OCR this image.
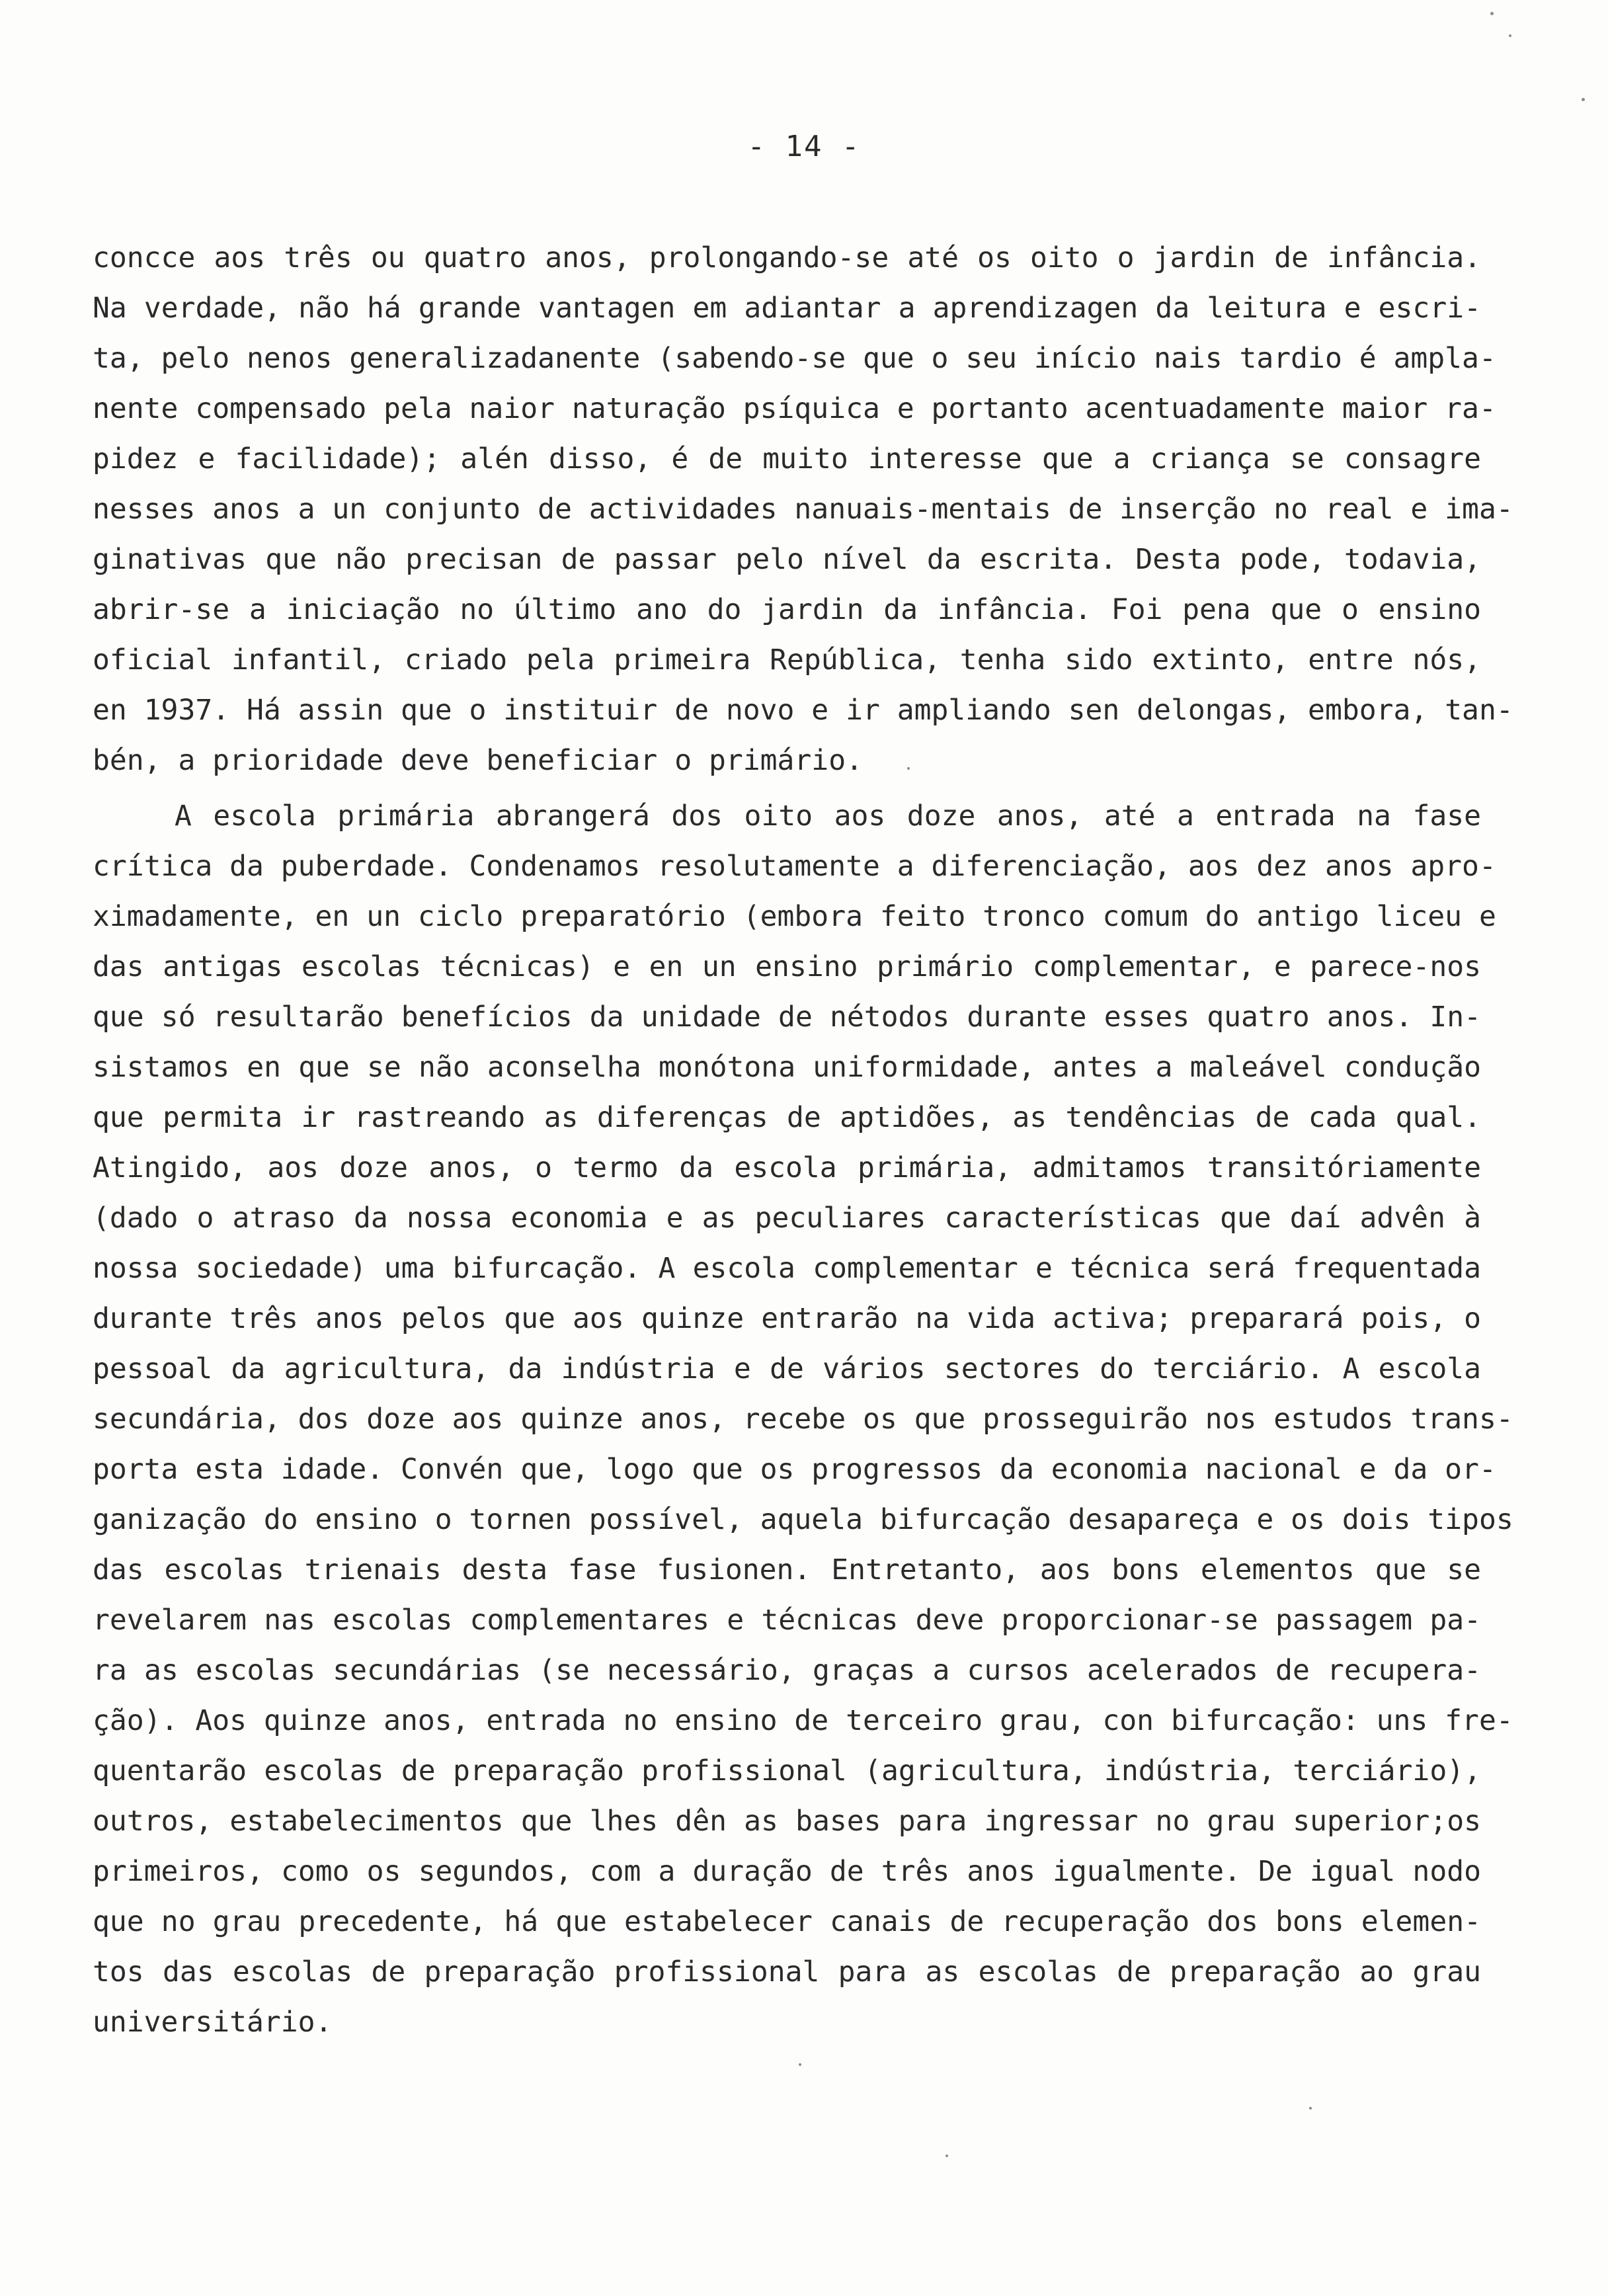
- 14 -
concce aos três ou quatro anos, prolongando-se até os oito o jardin de infância.
Na verdade, não há grande vantagen em adiantar a aprendizagen da leitura e escri-
ta, pelo nenos generalizadanente (sabendo-se que o seu início nais tardio é ampla-
nente compensado pela naior naturação psíquica e portanto acentuadamente maior ra-
pidez e facilidade); alén disso, é de muito interesse que a criança se consagre
nesses anos a un conjunto de actividades nanuais-mentais de inserção no real e ima-
ginativas que não precisan de passar pelo nível da escrita. Desta pode, todavia,
abrir-se a iniciação no último ano do jardin da infância. Foi pena que o ensino
oficial infantil, criado pela primeira República, tenha sido extinto, entre nós,
en 1937. Há assin que o instituir de novo e ir ampliando sen delongas, embora, tan-
bén, a prioridade deve beneficiar o primário.
A escola primária abrangerá dos oito aos doze anos, até a entrada na fase
crítica da puberdade. Condenamos resolutamente a diferenciação, aos dez anos apro-
ximadamente, en un ciclo preparatório (embora feito tronco comum do antigo liceu e
das antigas escolas técnicas) e en un ensino primário complementar, e parece-nos
que só resultarão benefícios da unidade de nétodos durante esses quatro anos. In-
sistamos en que se não aconselha monótona uniformidade, antes a maleável condução
que permita ir rastreando as diferenças de aptidões, as tendências de cada qual.
Atingido, aos doze anos, o termo da escola primária, admitamos transitóriamente
(dado o atraso da nossa economia e as peculiares características que daí advên à
nossa sociedade) uma bifurcação. A escola complementar e técnica será frequentada
durante três anos pelos que aos quinze entrarão na vida activa; preparará pois, o
pessoal da agricultura, da indústria e de vários sectores do terciário. A escola
secundária, dos doze aos quinze anos, recebe os que prosseguirão nos estudos trans-
porta esta idade. Convén que, logo que os progressos da economia nacional e da or-
ganização do ensino o tornen possível, aquela bifurcação desapareça e os dois tipos
das escolas trienais desta fase fusionen. Entretanto, aos bons elementos que se
revelarem nas escolas complementares e técnicas deve proporcionar-se passagem pa-
ra as escolas secundárias (se necessário, graças a cursos acelerados de recupera-
ção). Aos quinze anos, entrada no ensino de terceiro grau, con bifurcação: uns fre-
quentarão escolas de preparação profissional (agricultura, indústria, terciário),
outros, estabelecimentos que lhes dên as bases para ingressar no grau superior;os
primeiros, como os segundos, com a duração de três anos igualmente. De igual nodo
que no grau precedente, há que estabelecer canais de recuperação dos bons elemen-
tos das escolas de preparação profissional para as escolas de preparação ao grau
universitário.
